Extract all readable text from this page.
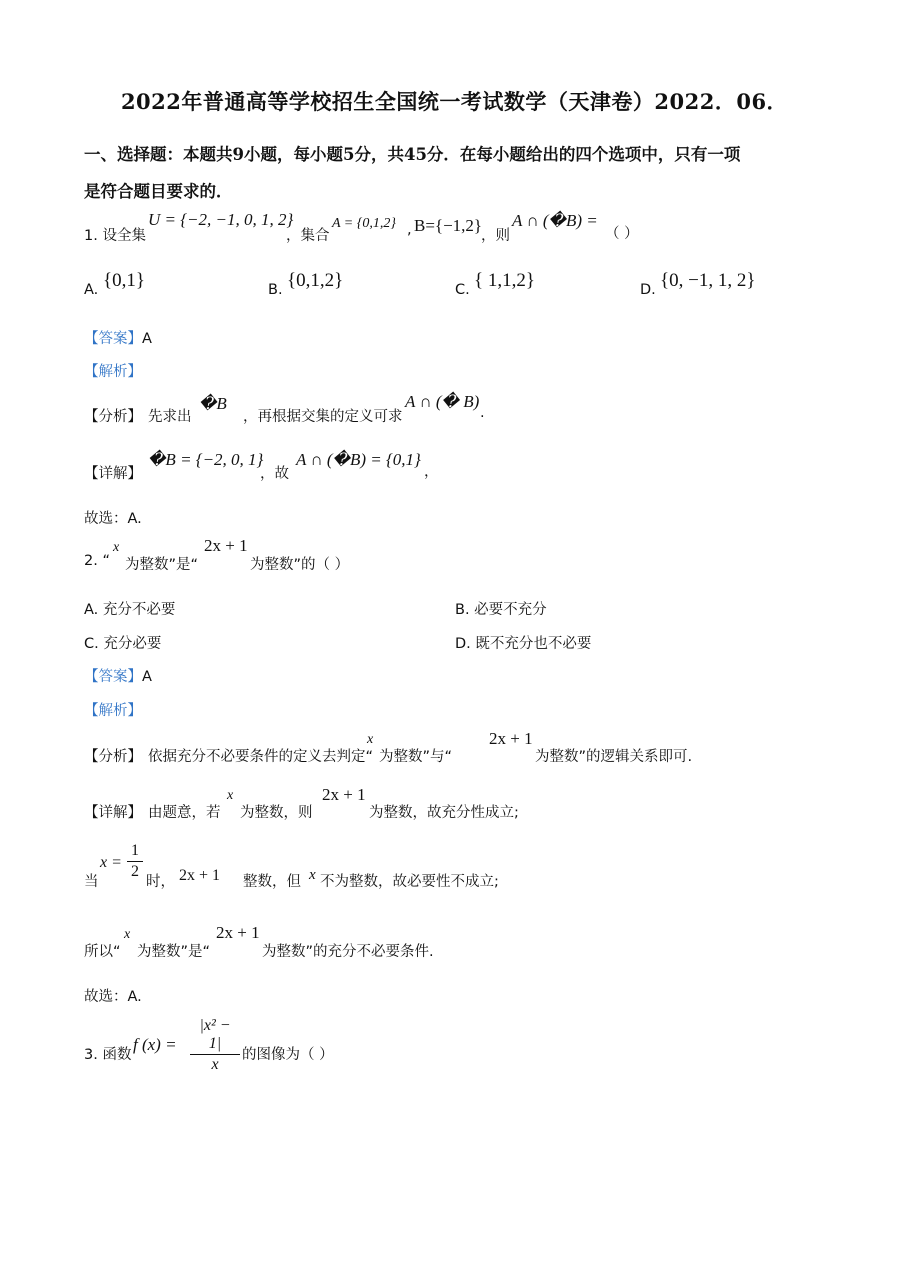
2022年普通高等学校招生全国统一考试数学（天津卷）2022．06．
一、选择题：本题共9小题，每小题5分，共45分．在每小题给出的四个选项中，只有一项
是符合题目要求的．
1. 设全集
U = {−2, −1, 0, 1, 2}
，集合
A = {0,1,2} , B={−1,2}
，则
A ∩ (�B) =
（ ）
A. {0,1}	B. {0,1,2}	C. { 1,1,2}	D. {0, −1, 1, 2}
【答案】A
【解析】
【分析】 先求出
�B
，再根据交集的定义可求
A ∩ (� B)
.
【详解】
�B = {−2, 0, 1}
，故
A ∩ (�B) = {0,1}
，
故选：A.
2. “
x
为整数”是“
2x + 1
为整数”的（ ）
A. 充分不必要	B. 必要不充分
C. 充分必要	D. 既不充分也不必要
【答案】A
【解析】
【分析】 依据充分不必要条件的定义去判定“
x
为整数”与“
2x + 1
为整数”的逻辑关系即可.
【详解】 由题意，若
x
为整数，则
2x + 1
为整数，故充分性成立;
当
x =
1
2
时， 2x + 1 整数，但 x 不为整数，故必要性不成立;
所以“
x
为整数”是“
2x + 1
为整数”的充分不必要条件.
故选：A.
3. 函数
f (x) =
|x² − 1|
x
的图像为（ ）
